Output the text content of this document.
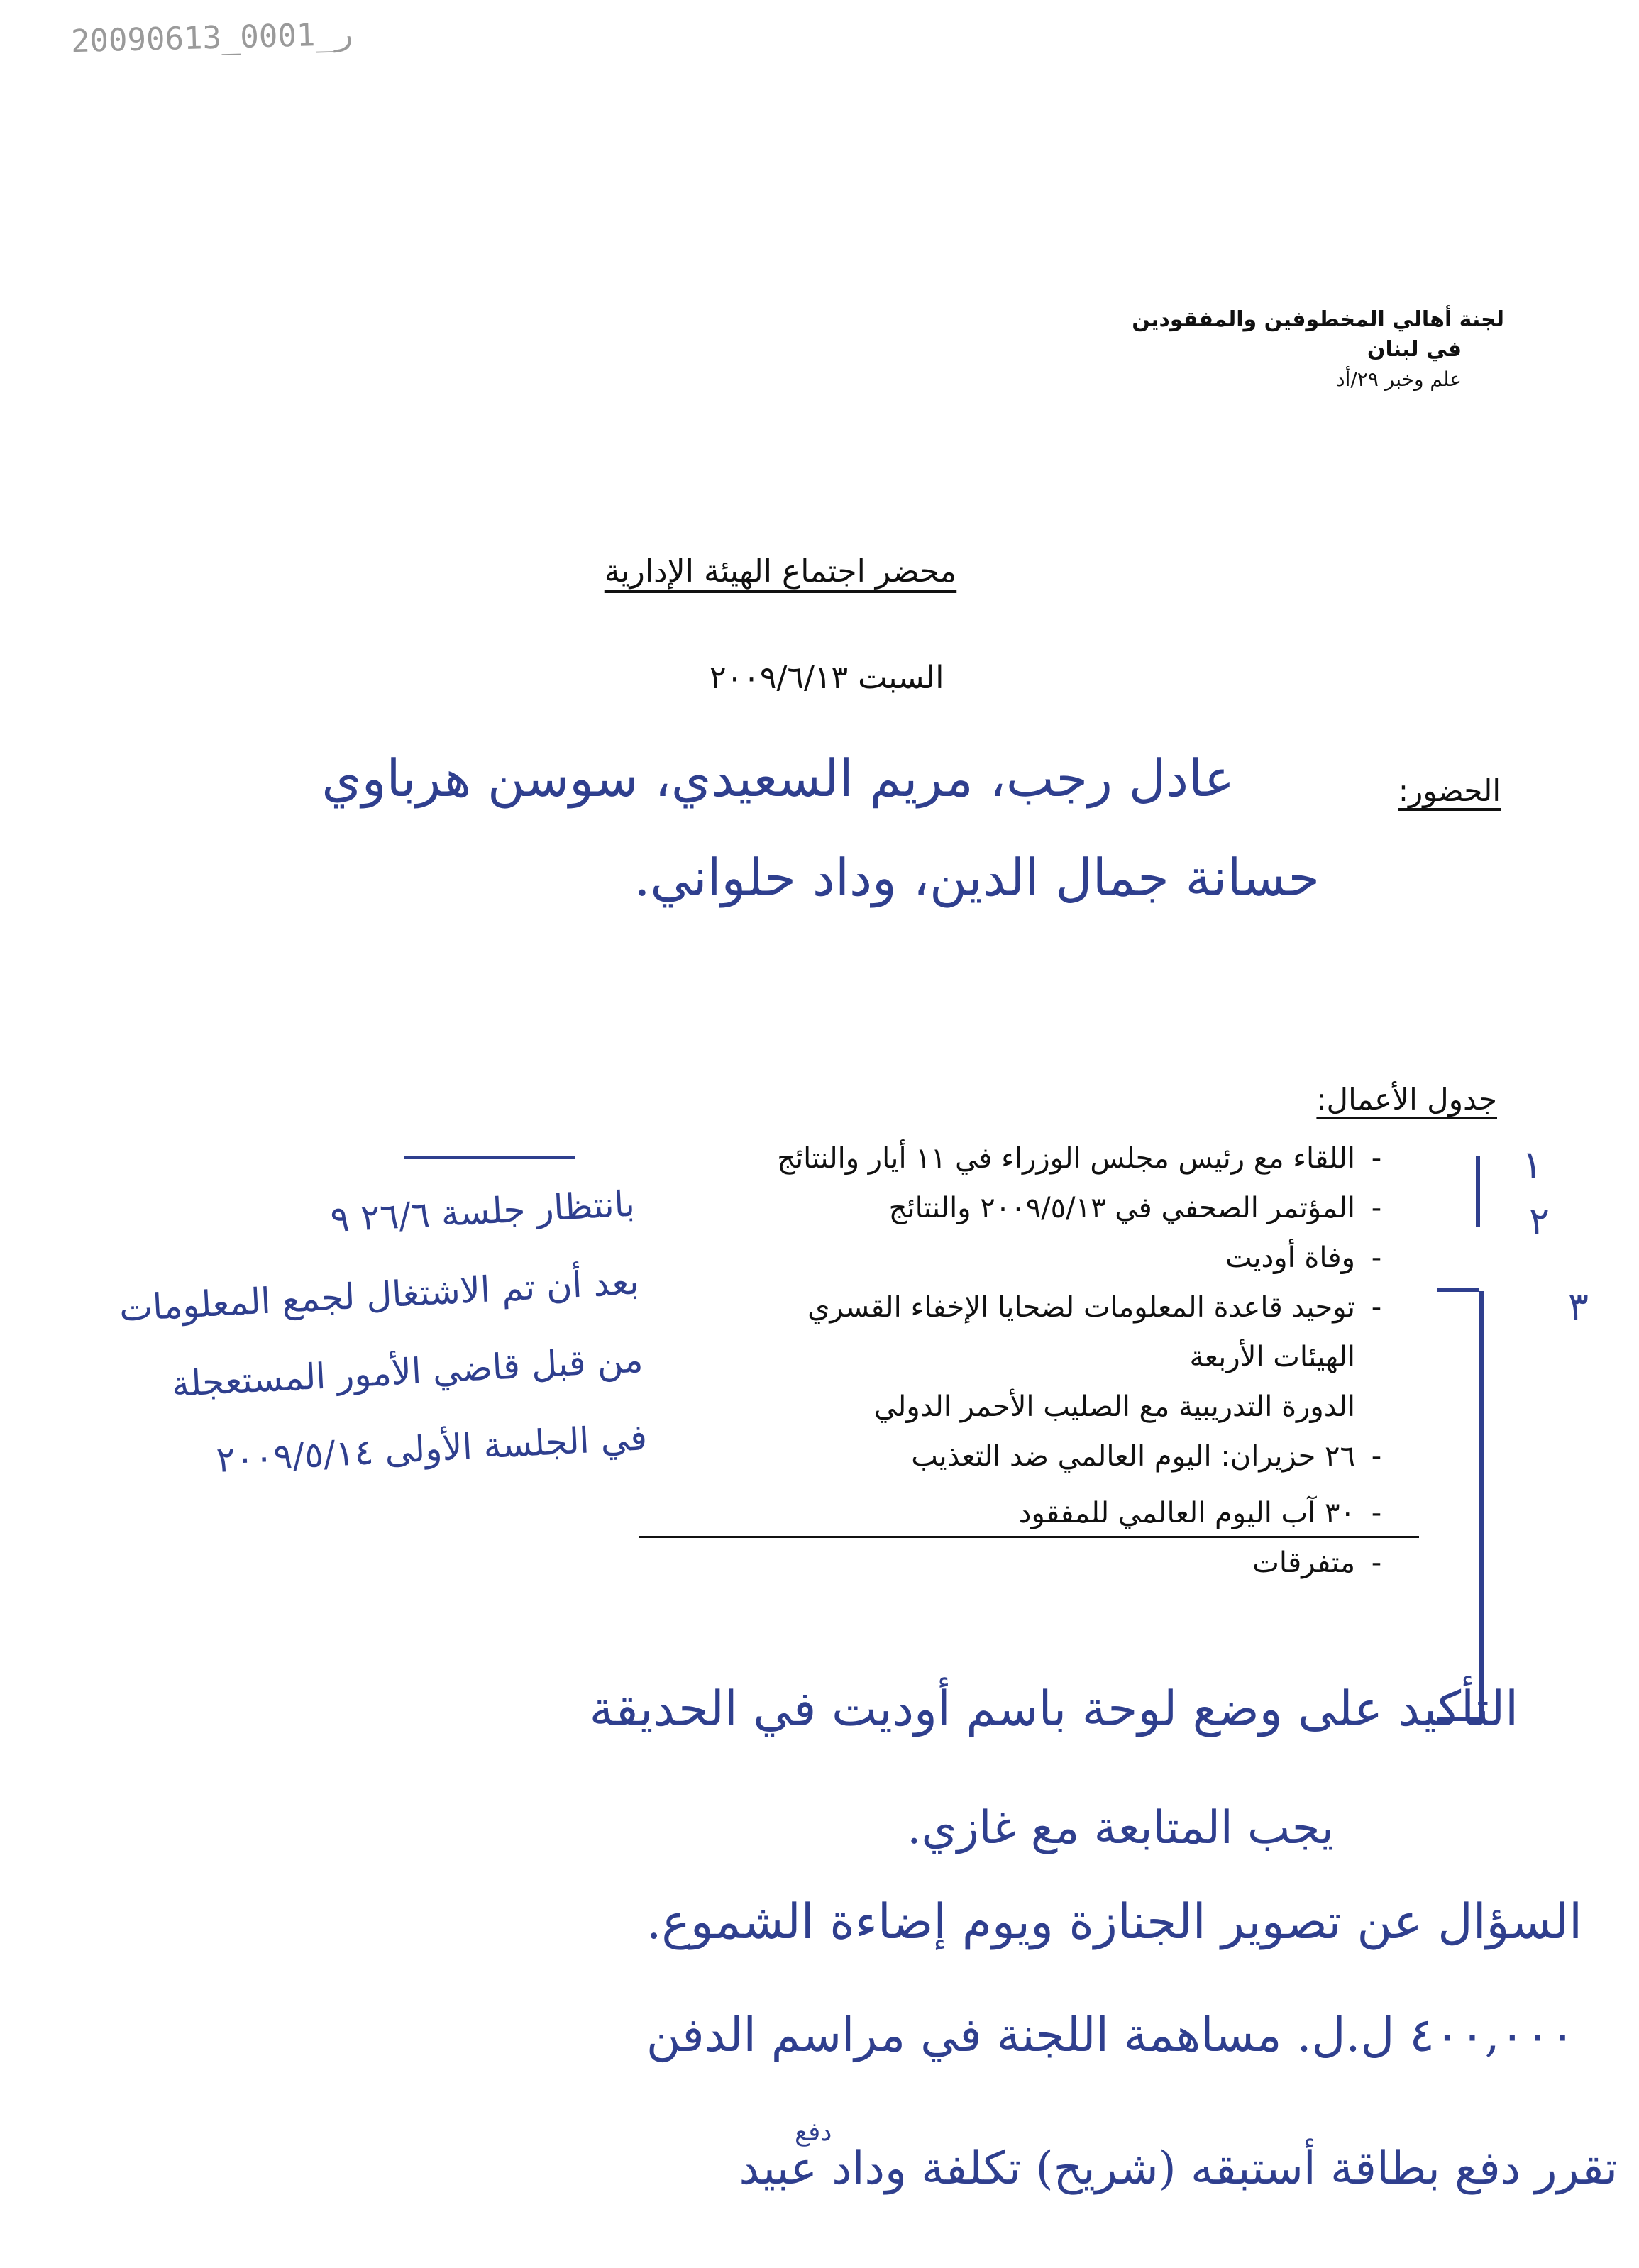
20090613_0001_ر
لجنة أهالي المخطوفين والمفقودين
في لبنان
علم وخبر ٢٩/أد
محضر اجتماع الهيئة الإدارية
السبت ٢٠٠٩/٦/١٣
الحضور:
عادل رجب، مريم السعيدي، سوسن هرباوي
حسانة جمال الدين، وداد حلواني.
جدول الأعمال:
-اللقاء مع رئيس مجلس الوزراء في ١١ أيار والنتائج
-المؤتمر الصحفي في ٢٠٠٩/٥/١٣ والنتائج
-وفاة أوديت
-توحيد قاعدة المعلومات لضحايا الإخفاء القسري
الهيئات الأربعة
الدورة التدريبية مع الصليب الأحمر الدولي
-٢٦ حزيران: اليوم العالمي ضد التعذيب
-٣٠ آب اليوم العالمي للمفقود
-متفرقات
١
٢
٣
بانتظار جلسة ٢٦/٦ ٩
بعد أن تم الاشتغال لجمع المعلومات
من قبل قاضي الأمور المستعجلة
في الجلسة الأولى ٢٠٠٩/٥/١٤
التأكيد على وضع لوحة باسم أوديت في الحديقة
يجب المتابعة مع غازي.
السؤال عن تصوير الجنازة ويوم إضاءة الشموع.
٤٠٠,٠٠٠ ل.ل. مساهمة اللجنة في مراسم الدفن
دفع
تقرر دفع بطاقة أستبقه (شريح) تكلفة وداد عبيد
